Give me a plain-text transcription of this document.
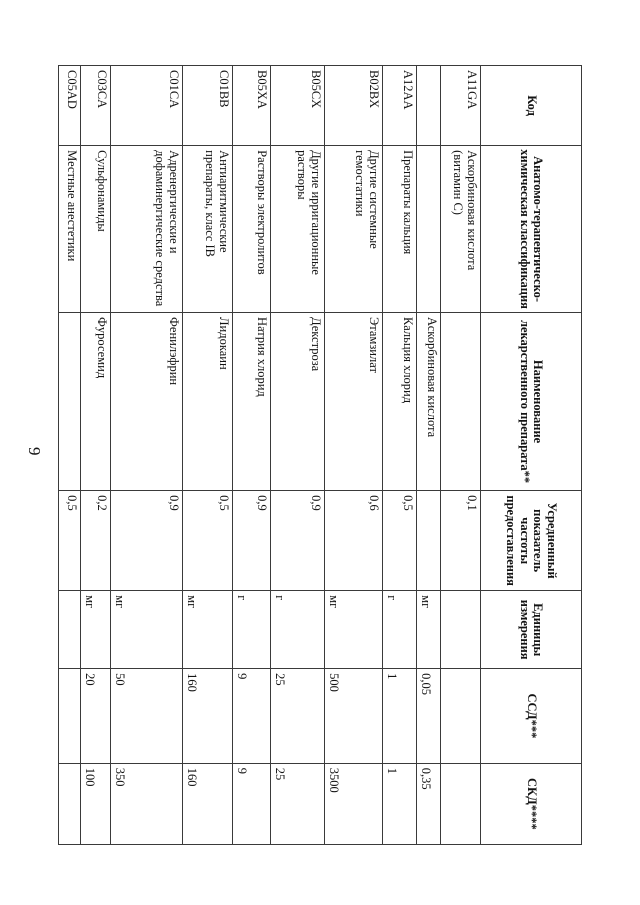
9
Код	Анатомо-терапевтическо-химическая классификация	Наименование лекарственного препарата**	Усредненный показатель частоты предоставления	Единицы измерения	ССД***	СКД****
A11GA	Аскорбиновая кислота (витамин С)		0,1			
		Аскорбиновая кислота		мг	0,05	0,35
A12AA	Препараты кальция	Кальция хлорид	0,5	г	1	1
B02BX	Другие системные гемостатики	Этамзилат	0,6	мг	500	3500
B05CX	Другие ирригационные растворы	Декстроза	0,9	г	25	25
B05XA	Растворы электролитов	Натрия хлорид	0,9	г	9	9
C01BB	Антиаритмические препараты, класс IB	Лидокаин	0,5	мг	160	160
C01CA	Адренергические и дофаминергические средства	Фенилэфрин	0,9	мг	50	350
C03CA	Сульфонамиды	Фуросемид	0,2	мг	20	100
C05AD	Местные анестетики		0,5			
